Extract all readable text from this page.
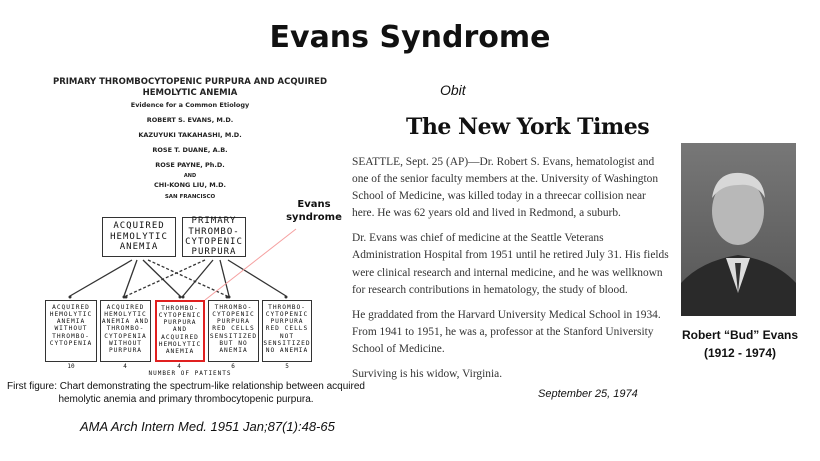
Evans Syndrome
PRIMARY THROMBOCYTOPENIC PURPURA AND ACQUIRED HEMOLYTIC ANEMIA
Evidence for a Common Etiology
ROBERT S. EVANS, M.D.
KAZUYUKI TAKAHASHI, M.D.
ROSE T. DUANE, A.B.
ROSE PAYNE, Ph.D.
AND
CHI-KONG LIU, M.D.
SAN FRANCISCO
ACQUIRED HEMOLYTIC ANEMIA
PRIMARY THROMBO-CYTOPENIC PURPURA
ACQUIRED HEMOLYTIC ANEMIA WITHOUT THROMBO-CYTOPENIA
ACQUIRED HEMOLYTIC ANEMIA AND THROMBO-CYTOPENIA WITHOUT PURPURA
THROMBO-CYTOPENIC PURPURA AND ACQUIRED HEMOLYTIC ANEMIA
THROMBO-CYTOPENIC PURPURA RED CELLS SENSITIZED BUT NO ANEMIA
THROMBO-CYTOPENIC PURPURA RED CELLS NOT SENSITIZED NO ANEMIA
10	4	4	6	5
NUMBER OF PATIENTS
Evans syndrome
First figure: Chart demonstrating the spectrum-like relationship between acquired hemolytic anemia and primary thrombocytopenic purpura.
AMA Arch Intern Med. 1951 Jan;87(1):48-65
Obit
The New York Times

SEATTLE, Sept. 25 (AP)—Dr. Robert S. Evans, hematologist and one of the senior faculty members at the. University of Washington School of Medicine, was killed today in a threecar collision near here. He was 62 years old and lived in Redmond, a suburb.

Dr. Evans was chief of medicine at the Seattle Veterans Administration Hospital from 1951 until he retired July 31. His fields were clinical research and internal medicine, and he was wellknown for research contributions in hematology, the study of blood.

He graddated from the Harvard University Medical School in 1934. From 1941 to 1951, he was a, professor at the Stanford University School of Medicine.

Surviving is his widow, Virginia.

September 25, 1974
Robert “Bud” Evans
(1912 - 1974)
